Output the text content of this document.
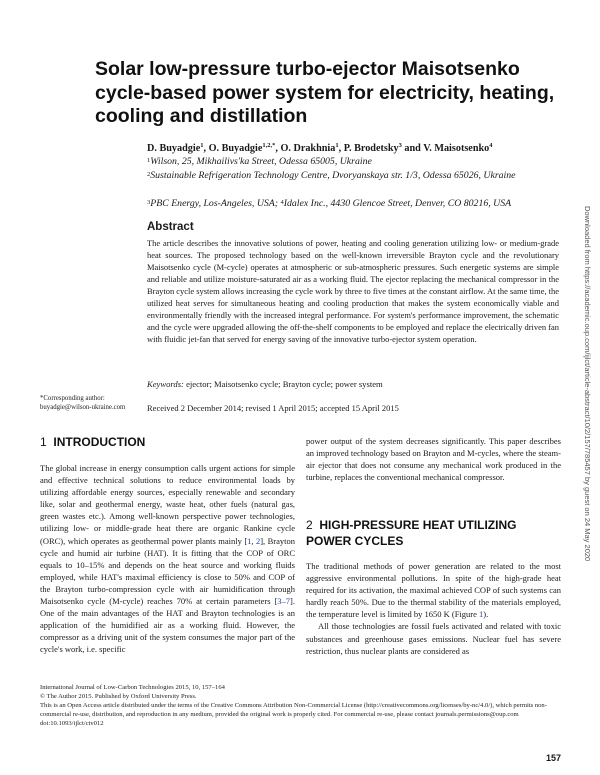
Solar low-pressure turbo-ejector Maisotsenko cycle-based power system for electricity, heating, cooling and distillation
D. Buyadgie$^1$, O. Buyadgie$^{1,2,*}$, O. Drakhnia$^1$, P. Brodetsky$^3$ and V. Maisotsenko$^4$
$^1$Wilson, 25, Mikhailivs'ka Street, Odessa 65005, Ukraine
$^2$Sustainable Refrigeration Technology Centre, Dvoryanskaya str. 1/3, Odessa 65026, Ukraine
$^3$PBC Energy, Los-Angeles, USA; $^4$Idalex Inc., 4430 Glencoe Street, Denver, CO 80216, USA
Abstract

The article describes the innovative solutions of power, heating and cooling generation utilizing low- or medium-grade heat sources. The proposed technology based on the well-known irreversible Brayton cycle and the revolutionary Maisotsenko cycle (M-cycle) operates at atmospheric or sub-atmospheric pressures. Such energetic systems are simple and reliable and utilize moisture-saturated air as a working fluid. The ejector replacing the mechanical compressor in the Brayton cycle system allows increasing the cycle work by three to five times at the constant airflow. At the same time, the utilized heat serves for simultaneous heating and cooling production that makes the system economically viable and environmentally friendly with the increased integral performance. For system's performance improvement, the schematic and the cycle were upgraded allowing the off-the-shelf components to be employed and replace the electrically driven fan with fluidic jet-fan that served for energy saving of the innovative turbo-ejector system operation.

Keywords: ejector; Maisotsenko cycle; Brayton cycle; power system
*Corresponding author:
buyadgie@wilson-ukraine.com	Received 2 December 2014; revised 1 April 2015; accepted 15 April 2015
1 INTRODUCTION

The global increase in energy consumption calls urgent actions for simple and effective technical solutions to reduce environmental loads by utilizing affordable energy sources, especially renewable and secondary like, solar and geothermal energy, waste heat, other fuels (natural gas, green wastes etc.). Among well-known perspective power technologies, utilizing low- or middle-grade heat there are organic Rankine cycle (ORC), which operates as geothermal power plants mainly [1, 2], Brayton cycle and humid air turbine (HAT). It is fitting that the COP of ORC equals to 10–15% and depends on the heat source and working fluids employed, while HAT's maximal efficiency is close to 50% and COP of the Brayton turbo-compression cycle with air humidification through Maisotsenko cycle (M-cycle) reaches 70% at certain parameters [3–7]. One of the main advantages of the HAT and Brayton technologies is an application of the humidified air as a working fluid. However, the compressor as a driving unit of the system consumes the major part of the cycle's work, i.e. specific

power output of the system decreases significantly. This paper describes an improved technology based on Brayton and M-cycles, where the steam-air ejector that does not consume any mechanical work produced in the turbine, replaces the conventional mechanical compressor.

2 HIGH-PRESSURE HEAT UTILIZING POWER CYCLES

The traditional methods of power generation are related to the most aggressive environmental pollutions. In spite of the high-grade heat required for its activation, the maximal achieved COP of such systems can hardly reach 50%. Due to the thermal stability of the materials employed, the temperature level is limited by 1650 K (Figure 1).

All those technologies are fossil fuels activated and related with toxic substances and greenhouse gases emissions. Nuclear fuel has severe restriction, thus nuclear plants are considered as

International Journal of Low-Carbon Technologies 2015, 10, 157–164
© The Author 2015. Published by Oxford University Press.
This is an Open Access article distributed under the terms of the Creative Commons Attribution Non-Commercial License (http://creativecommons.org/licenses/by-nc/4.0/), which permits non-commercial re-use, distribution, and reproduction in any medium, provided the original work is properly cited. For commercial re-use, please contact journals.permissions@oup.com
doi:10.1093/ijlct/ctv012
157
Downloaded from https://academic.oup.com/ijlct/article-abstract/10/2/157/785457 by guest on 24 May 2020
